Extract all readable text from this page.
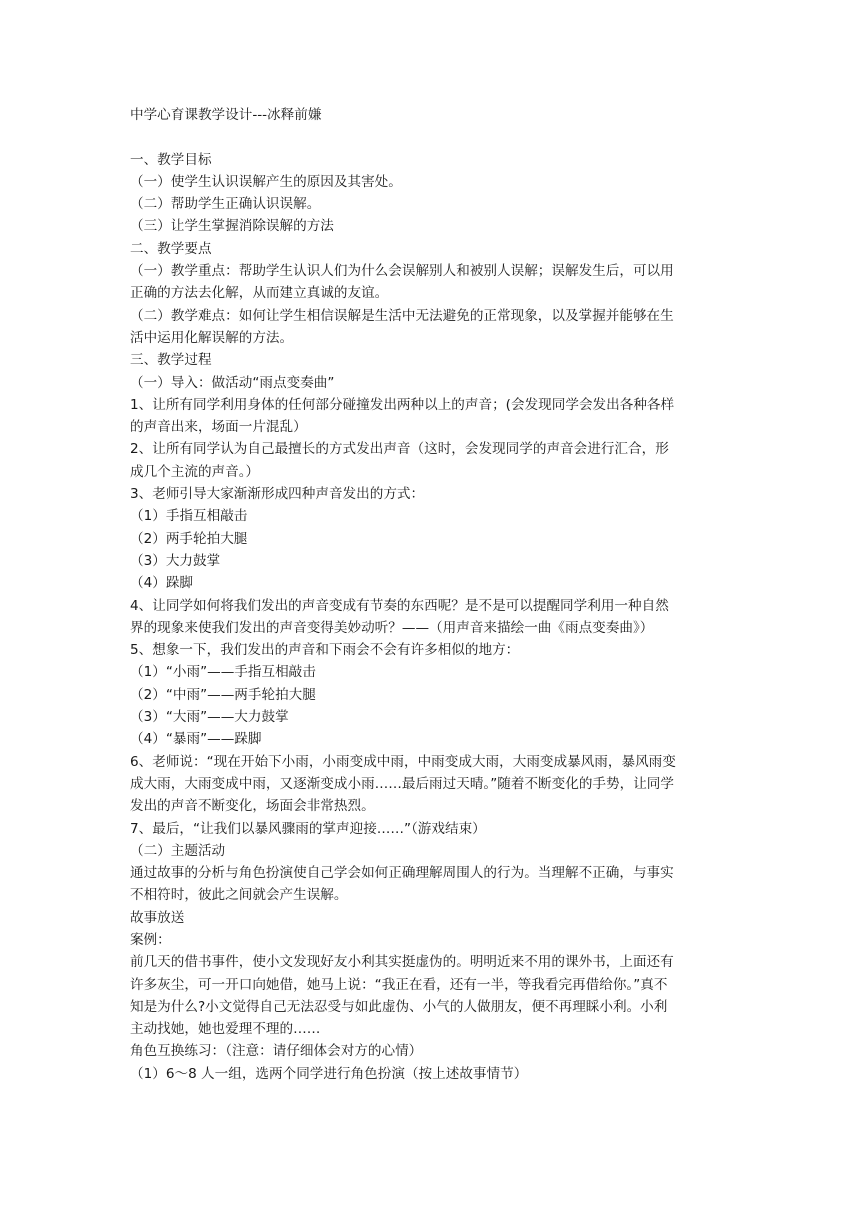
中学心育课教学设计---冰释前嫌
一、教学目标
（一）使学生认识误解产生的原因及其害处。
（二）帮助学生正确认识误解。
（三）让学生掌握消除误解的方法
二、教学要点
（一）教学重点：帮助学生认识人们为什么会误解别人和被别人误解；误解发生后，可以用
正确的方法去化解，从而建立真诚的友谊。
（二）教学难点：如何让学生相信误解是生活中无法避免的正常现象，以及掌握并能够在生
活中运用化解误解的方法。
三、教学过程
（一）导入：做活动“雨点变奏曲”
1、让所有同学利用身体的任何部分碰撞发出两种以上的声音；(会发现同学会发出各种各样
的声音出来，场面一片混乱）
2、让所有同学认为自己最擅长的方式发出声音（这时，会发现同学的声音会进行汇合，形
成几个主流的声音。）
3、老师引导大家渐渐形成四种声音发出的方式：
（1）手指互相敲击
（2）两手轮拍大腿
（3）大力鼓掌
（4）跺脚
4、让同学如何将我们发出的声音变成有节奏的东西呢？是不是可以提醒同学利用一种自然
界的现象来使我们发出的声音变得美妙动听？——（用声音来描绘一曲《雨点变奏曲》）
5、想象一下，我们发出的声音和下雨会不会有许多相似的地方：
（1）“小雨”——手指互相敲击
（2）“中雨”——两手轮拍大腿
（3）“大雨”——大力鼓掌
（4）“暴雨”——跺脚
6、老师说：“现在开始下小雨，小雨变成中雨，中雨变成大雨，大雨变成暴风雨，暴风雨变
成大雨，大雨变成中雨，又逐渐变成小雨……最后雨过天晴。”随着不断变化的手势，让同学
发出的声音不断变化，场面会非常热烈。
7、最后，“让我们以暴风骤雨的掌声迎接……”（游戏结束）
（二）主题活动
通过故事的分析与角色扮演使自己学会如何正确理解周围人的行为。当理解不正确，与事实
不相符时，彼此之间就会产生误解。
故事放送
案例：
前几天的借书事件，使小文发现好友小利其实挺虚伪的。明明近来不用的课外书，上面还有
许多灰尘，可一开口向她借，她马上说：“我正在看，还有一半，等我看完再借给你。”真不
知是为什么?小文觉得自己无法忍受与如此虚伪、小气的人做朋友，便不再理睬小利。小利
主动找她，她也爱理不理的……
角色互换练习：（注意：请仔细体会对方的心情）
（1）6～8 人一组，选两个同学进行角色扮演（按上述故事情节）
